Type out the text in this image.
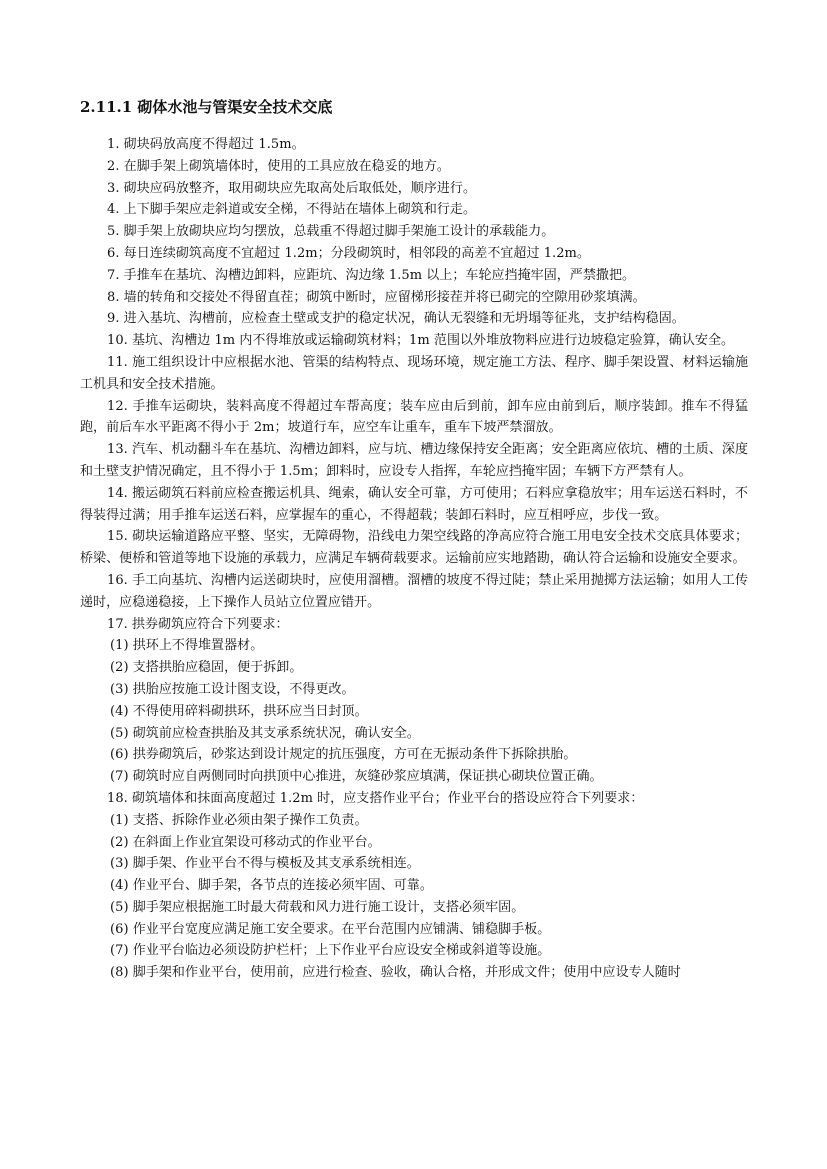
2.11.1 砌体水池与管渠安全技术交底

1. 砌块码放高度不得超过 1.5m。

2. 在脚手架上砌筑墙体时，使用的工具应放在稳妥的地方。

3. 砌块应码放整齐，取用砌块应先取高处后取低处，顺序进行。

4. 上下脚手架应走斜道或安全梯，不得站在墙体上砌筑和行走。

5. 脚手架上放砌块应均匀摆放，总载重不得超过脚手架施工设计的承载能力。

6. 每日连续砌筑高度不宜超过 1.2m；分段砌筑时，相邻段的高差不宜超过 1.2m。

7. 手推车在基坑、沟槽边卸料，应距坑、沟边缘 1.5m 以上；车轮应挡掩牢固，严禁撒把。

8. 墙的转角和交接处不得留直茬；砌筑中断时，应留梯形接茬并将已砌完的空隙用砂浆填满。

9. 进入基坑、沟槽前，应检查土壁或支护的稳定状况，确认无裂缝和无坍塌等征兆，支护结构稳固。

10. 基坑、沟槽边 1m 内不得堆放或运输砌筑材料；1m 范围以外堆放物料应进行边坡稳定验算，确认安全。

11. 施工组织设计中应根据水池、管渠的结构特点、现场环境，规定施工方法、程序、脚手架设置、材料运输施工机具和安全技术措施。

12. 手推车运砌块，装料高度不得超过车帮高度；装车应由后到前，卸车应由前到后，顺序装卸。推车不得猛跑，前后车水平距离不得小于 2m；坡道行车，应空车让重车，重车下坡严禁溜放。

13. 汽车、机动翻斗车在基坑、沟槽边卸料，应与坑、槽边缘保持安全距离；安全距离应依坑、槽的土质、深度和土壁支护情况确定，且不得小于 1.5m；卸料时，应设专人指挥，车轮应挡掩牢固；车辆下方严禁有人。

14. 搬运砌筑石料前应检查搬运机具、绳索，确认安全可靠，方可使用；石料应拿稳放牢；用车运送石料时，不得装得过满；用手推车运送石料，应掌握车的重心，不得超载；装卸石料时，应互相呼应，步伐一致。

15. 砌块运输道路应平整、坚实，无障碍物，沿线电力架空线路的净高应符合施工用电安全技术交底具体要求；桥梁、便桥和管道等地下设施的承载力，应满足车辆荷载要求。运输前应实地踏勘，确认符合运输和设施安全要求。

16. 手工向基坑、沟槽内运送砌块时，应使用溜槽。溜槽的坡度不得过陡；禁止采用抛掷方法运输；如用人工传递时，应稳递稳接，上下操作人员站立位置应错开。

17. 拱券砌筑应符合下列要求：

(1) 拱环上不得堆置器材。

(2) 支搭拱胎应稳固，便于拆卸。

(3) 拱胎应按施工设计图支设，不得更改。

(4) 不得使用碎料砌拱环，拱环应当日封顶。

(5) 砌筑前应检查拱胎及其支承系统状况，确认安全。

(6) 拱券砌筑后，砂浆达到设计规定的抗压强度，方可在无振动条件下拆除拱胎。

(7) 砌筑时应自两侧同时向拱顶中心推进，灰缝砂浆应填满，保证拱心砌块位置正确。

18. 砌筑墙体和抹面高度超过 1.2m 时，应支搭作业平台；作业平台的搭设应符合下列要求：

(1) 支搭、拆除作业必须由架子操作工负责。

(2) 在斜面上作业宜架设可移动式的作业平台。

(3) 脚手架、作业平台不得与模板及其支承系统相连。

(4) 作业平台、脚手架，各节点的连接必须牢固、可靠。

(5) 脚手架应根据施工时最大荷载和风力进行施工设计，支搭必须牢固。

(6) 作业平台宽度应满足施工安全要求。在平台范围内应铺满、铺稳脚手板。

(7) 作业平台临边必须设防护栏杆；上下作业平台应设安全梯或斜道等设施。

(8) 脚手架和作业平台，使用前，应进行检查、验收，确认合格，并形成文件；使用中应设专人随时
